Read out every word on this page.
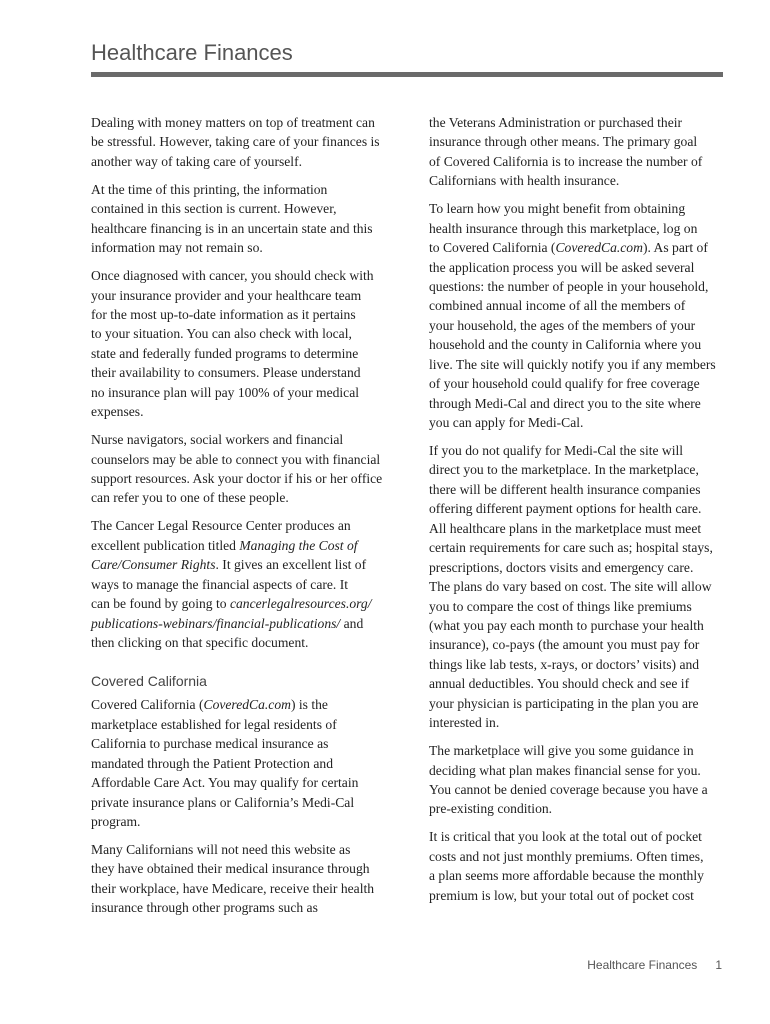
Healthcare Finances
Dealing with money matters on top of treatment can
be stressful. However, taking care of your finances is
another way of taking care of yourself.
At the time of this printing, the information
contained in this section is current. However,
healthcare financing is in an uncertain state and this
information may not remain so.
Once diagnosed with cancer, you should check with
your insurance provider and your healthcare team
for the most up-to-date information as it pertains
to your situation. You can also check with local,
state and federally funded programs to determine
their availability to consumers. Please understand
no insurance plan will pay 100% of your medical
expenses.
Nurse navigators, social workers and financial
counselors may be able to connect you with financial
support resources. Ask your doctor if his or her office
can refer you to one of these people.
The Cancer Legal Resource Center produces an
excellent publication titled Managing the Cost of
Care/Consumer Rights. It gives an excellent list of
ways to manage the financial aspects of care. It
can be found by going to cancerlegalresources.org/
publications-webinars/financial-publications/ and
then clicking on that specific document.
Covered California
Covered California (CoveredCa.com) is the
marketplace established for legal residents of
California to purchase medical insurance as
mandated through the Patient Protection and
Affordable Care Act. You may qualify for certain
private insurance plans or California’s Medi-Cal
program.
Many Californians will not need this website as
they have obtained their medical insurance through
their workplace, have Medicare, receive their health
insurance through other programs such as
the Veterans Administration or purchased their
insurance through other means. The primary goal
of Covered California is to increase the number of
Californians with health insurance.
To learn how you might benefit from obtaining
health insurance through this marketplace, log on
to Covered California (CoveredCa.com). As part of
the application process you will be asked several
questions: the number of people in your household,
combined annual income of all the members of
your household, the ages of the members of your
household and the county in California where you
live. The site will quickly notify you if any members
of your household could qualify for free coverage
through Medi-Cal and direct you to the site where
you can apply for Medi-Cal.
If you do not qualify for Medi-Cal the site will
direct you to the marketplace. In the marketplace,
there will be different health insurance companies
offering different payment options for health care.
All healthcare plans in the marketplace must meet
certain requirements for care such as; hospital stays,
prescriptions, doctors visits and emergency care.
The plans do vary based on cost. The site will allow
you to compare the cost of things like premiums
(what you pay each month to purchase your health
insurance), co-pays (the amount you must pay for
things like lab tests, x-rays, or doctors’ visits) and
annual deductibles. You should check and see if
your physician is participating in the plan you are
interested in.
The marketplace will give you some guidance in
deciding what plan makes financial sense for you.
You cannot be denied coverage because you have a
pre-existing condition.
It is critical that you look at the total out of pocket
costs and not just monthly premiums. Often times,
a plan seems more affordable because the monthly
premium is low, but your total out of pocket cost
Healthcare Finances 1
